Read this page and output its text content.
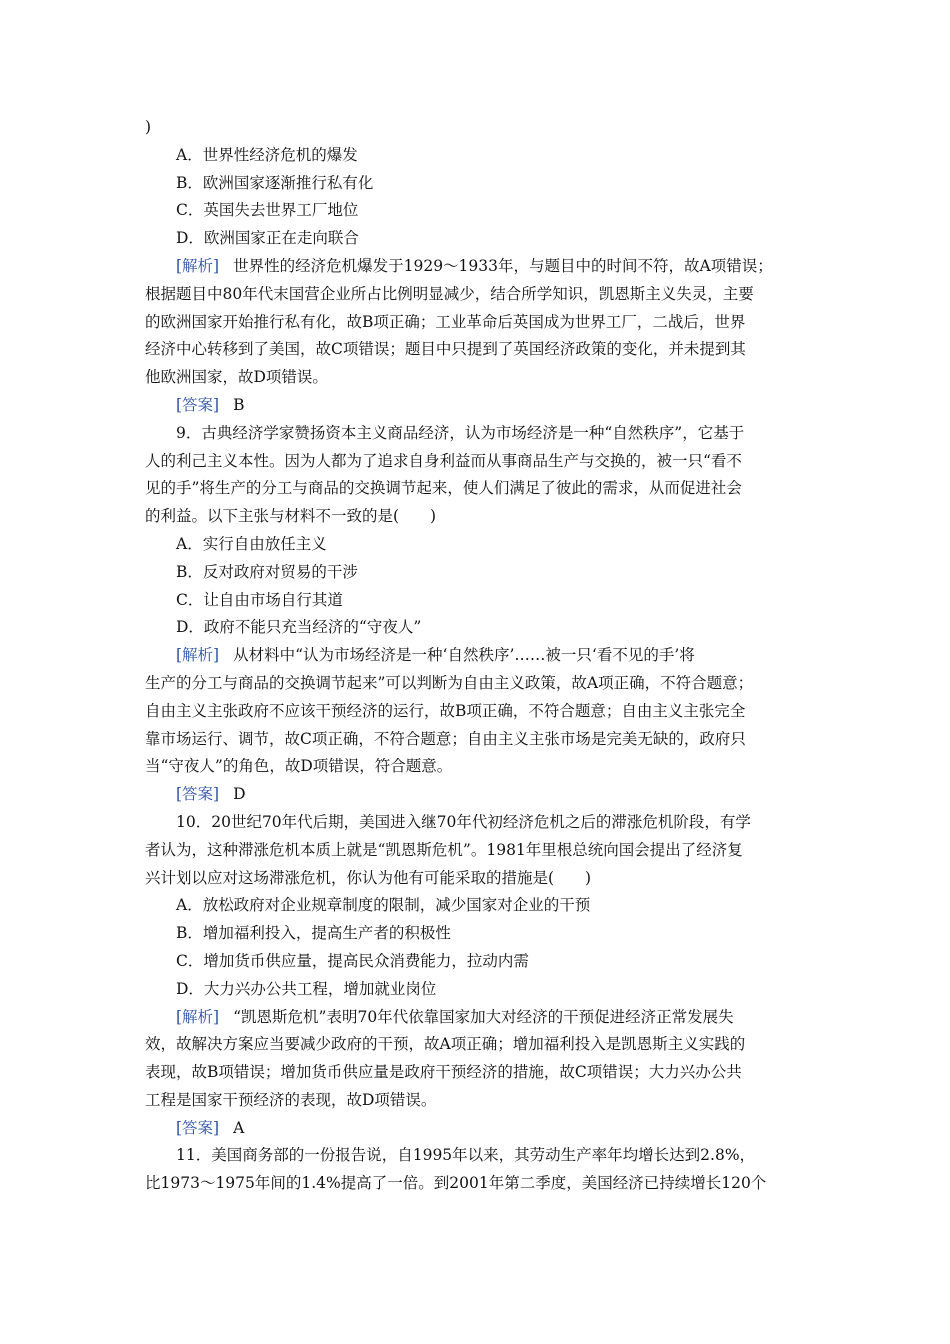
)
A．世界性经济危机的爆发
B．欧洲国家逐渐推行私有化
C．英国失去世界工厂地位
D．欧洲国家正在走向联合
[解析] 世界性的经济危机爆发于1929～1933年，与题目中的时间不符，故A项错误；
根据题目中80年代末国营企业所占比例明显减少，结合所学知识，凯恩斯主义失灵，主要
的欧洲国家开始推行私有化，故B项正确；工业革命后英国成为世界工厂，二战后，世界
经济中心转移到了美国，故C项错误；题目中只提到了英国经济政策的变化，并未提到其
他欧洲国家，故D项错误。
[答案] B
9．古典经济学家赞扬资本主义商品经济，认为市场经济是一种“自然秩序”，它基于
人的利己主义本性。因为人都为了追求自身利益而从事商品生产与交换的，被一只“看不
见的手”将生产的分工与商品的交换调节起来，使人们满足了彼此的需求，从而促进社会
的利益。以下主张与材料不一致的是(　　)
A．实行自由放任主义
B．反对政府对贸易的干涉
C．让自由市场自行其道
D．政府不能只充当经济的“守夜人”
[解析] 从材料中“认为市场经济是一种‘自然秩序’……被一只‘看不见的手’将
生产的分工与商品的交换调节起来”可以判断为自由主义政策，故A项正确，不符合题意；
自由主义主张政府不应该干预经济的运行，故B项正确，不符合题意；自由主义主张完全
靠市场运行、调节，故C项正确，不符合题意；自由主义主张市场是完美无缺的，政府只
当“守夜人”的角色，故D项错误，符合题意。
[答案] D
10．20世纪70年代后期，美国进入继70年代初经济危机之后的滞涨危机阶段，有学
者认为，这种滞涨危机本质上就是“凯恩斯危机”。1981年里根总统向国会提出了经济复
兴计划以应对这场滞涨危机，你认为他有可能采取的措施是(　　)
A．放松政府对企业规章制度的限制，减少国家对企业的干预
B．增加福利投入，提高生产者的积极性
C．增加货币供应量，提高民众消费能力，拉动内需
D．大力兴办公共工程，增加就业岗位
[解析] “凯恩斯危机”表明70年代依靠国家加大对经济的干预促进经济正常发展失
效，故解决方案应当要减少政府的干预，故A项正确；增加福利投入是凯恩斯主义实践的
表现，故B项错误；增加货币供应量是政府干预经济的措施，故C项错误；大力兴办公共
工程是国家干预经济的表现，故D项错误。
[答案] A
11．美国商务部的一份报告说，自1995年以来，其劳动生产率年均增长达到2.8%，
比1973～1975年间的1.4%提高了一倍。到2001年第二季度，美国经济已持续增长120个
